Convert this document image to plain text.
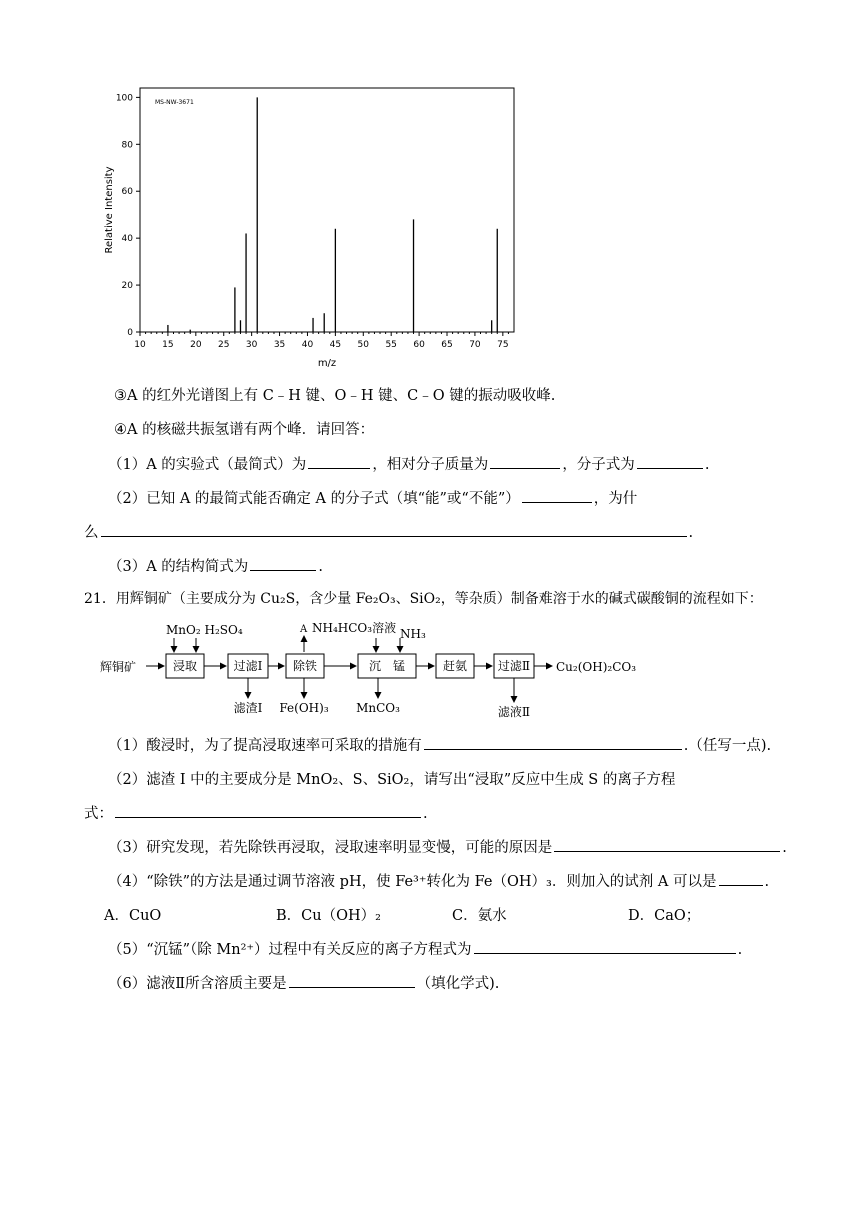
MS-NW-3671
Relative Intensity
m/z
0
20
40
60
80
100
10 15 20 25 30 35 40 45 50 55 60 65 70 75
③A 的红外光谱图上有 C﹣H 键、O﹣H 键、C﹣O 键的振动吸收峰.
④A 的核磁共振氢谱有两个峰．请回答：
（1）A 的实验式（最简式）为	，相对分子质量为	，分子式为	.
（2）已知 A 的最简式能否确定 A 的分子式（填“能”或“不能”）	，为什
么	.
（3）A 的结构简式为	.
21．用辉铜矿（主要成分为 Cu₂S，含少量 Fe₂O₃、SiO₂，等杂质）制备难溶于水的碱式碳酸铜的流程如下：
辉铜矿
MnO₂ H₂SO₄
浸取	过滤Ⅰ	除铁
A NH₄HCO₃溶液 NH₃
沉　锰	赶氨	过滤Ⅱ Cu₂(OH)₂CO₃
滤渣Ⅰ Fe(OH)₃ MnCO₃	滤液Ⅱ
（1）酸浸时，为了提高浸取速率可采取的措施有	.（任写一点).
（2）滤渣 I 中的主要成分是 MnO₂、S、SiO₂，请写出“浸取”反应中生成 S 的离子方程
式：	.
（3）研究发现，若先除铁再浸取，浸取速率明显变慢，可能的原因是	.
（4）“除铁”的方法是通过调节溶液 pH，使 Fe³⁺转化为 Fe（OH）₃．则加入的试剂 A 可以是	.
A．CuO	B．Cu（OH）₂	C．氨水	D．CaO；
（5）“沉锰”（除 Mn²⁺）过程中有关反应的离子方程式为	.
（6）滤液Ⅱ所含溶质主要是	（填化学式).
